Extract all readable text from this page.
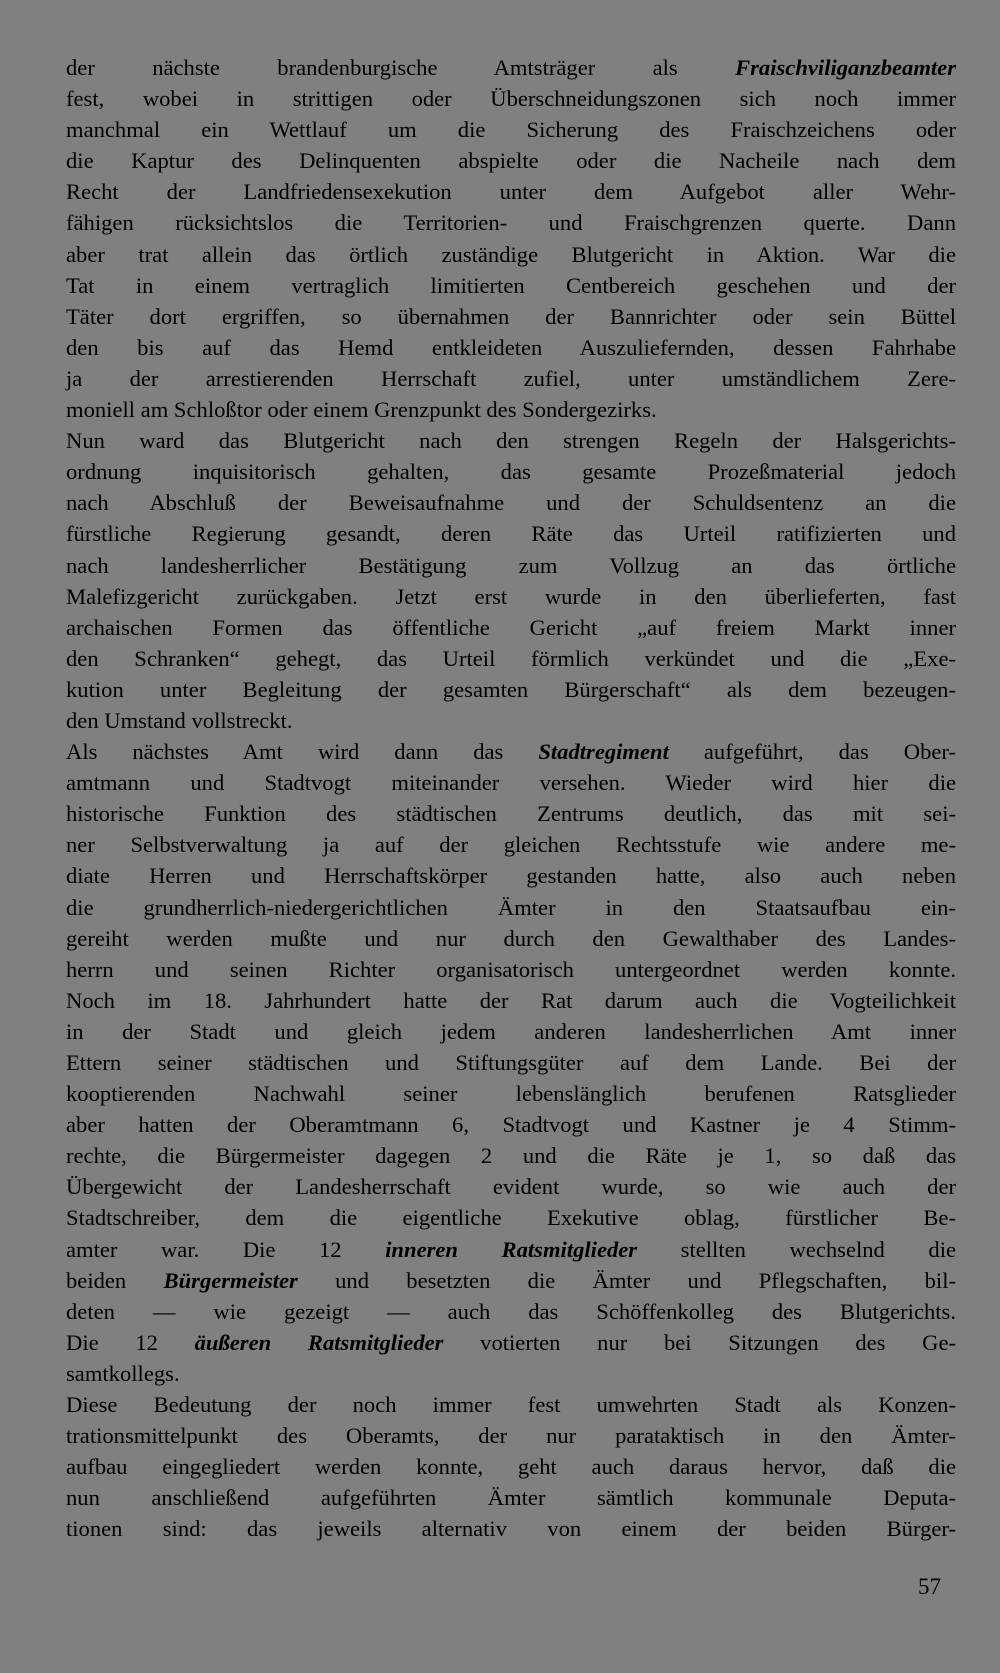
der nächste brandenburgische Amtsträger als Fraischviliganzbeamter
fest, wobei in strittigen oder Überschneidungszonen sich noch immer
manchmal ein Wettlauf um die Sicherung des Fraischzeichens oder
die Kaptur des Delinquenten abspielte oder die Nacheile nach dem
Recht der Landfriedensexekution unter dem Aufgebot aller Wehr-
fähigen rücksichtslos die Territorien- und Fraischgrenzen querte. Dann
aber trat allein das örtlich zuständige Blutgericht in Aktion. War die
Tat in einem vertraglich limitierten Centbereich geschehen und der
Täter dort ergriffen, so übernahmen der Bannrichter oder sein Büttel
den bis auf das Hemd entkleideten Auszuliefernden, dessen Fahrhabe
ja der arrestierenden Herrschaft zufiel, unter umständlichem Zere-
moniell am Schloßtor oder einem Grenzpunkt des Sondergezirks.
Nun ward das Blutgericht nach den strengen Regeln der Halsgerichts-
ordnung inquisitorisch gehalten, das gesamte Prozeßmaterial jedoch
nach Abschluß der Beweisaufnahme und der Schuldsentenz an die
fürstliche Regierung gesandt, deren Räte das Urteil ratifizierten und
nach landesherrlicher Bestätigung zum Vollzug an das örtliche
Malefizgericht zurückgaben. Jetzt erst wurde in den überlieferten, fast
archaischen Formen das öffentliche Gericht „auf freiem Markt inner
den Schranken“ gehegt, das Urteil förmlich verkündet und die „Exe-
kution unter Begleitung der gesamten Bürgerschaft“ als dem bezeugen-
den Umstand vollstreckt.
Als nächstes Amt wird dann das Stadtregiment aufgeführt, das Ober-
amtmann und Stadtvogt miteinander versehen. Wieder wird hier die
historische Funktion des städtischen Zentrums deutlich, das mit sei-
ner Selbstverwaltung ja auf der gleichen Rechtsstufe wie andere me-
diate Herren und Herrschaftskörper gestanden hatte, also auch neben
die grundherrlich-niedergerichtlichen Ämter in den Staatsaufbau ein-
gereiht werden mußte und nur durch den Gewalthaber des Landes-
herrn und seinen Richter organisatorisch untergeordnet werden konnte.
Noch im 18. Jahrhundert hatte der Rat darum auch die Vogteilichkeit
in der Stadt und gleich jedem anderen landesherrlichen Amt inner
Ettern seiner städtischen und Stiftungsgüter auf dem Lande. Bei der
kooptierenden Nachwahl seiner lebenslänglich berufenen Ratsglieder
aber hatten der Oberamtmann 6, Stadtvogt und Kastner je 4 Stimm-
rechte, die Bürgermeister dagegen 2 und die Räte je 1, so daß das
Übergewicht der Landesherrschaft evident wurde, so wie auch der
Stadtschreiber, dem die eigentliche Exekutive oblag, fürstlicher Be-
amter war. Die 12 inneren Ratsmitglieder stellten wechselnd die
beiden Bürgermeister und besetzten die Ämter und Pflegschaften, bil-
deten — wie gezeigt — auch das Schöffenkolleg des Blutgerichts.
Die 12 äußeren Ratsmitglieder votierten nur bei Sitzungen des Ge-
samtkollegs.
Diese Bedeutung der noch immer fest umwehrten Stadt als Konzen-
trationsmittelpunkt des Oberamts, der nur parataktisch in den Ämter-
aufbau eingegliedert werden konnte, geht auch daraus hervor, daß die
nun anschließend aufgeführten Ämter sämtlich kommunale Deputa-
tionen sind: das jeweils alternativ von einem der beiden Bürger-
57
